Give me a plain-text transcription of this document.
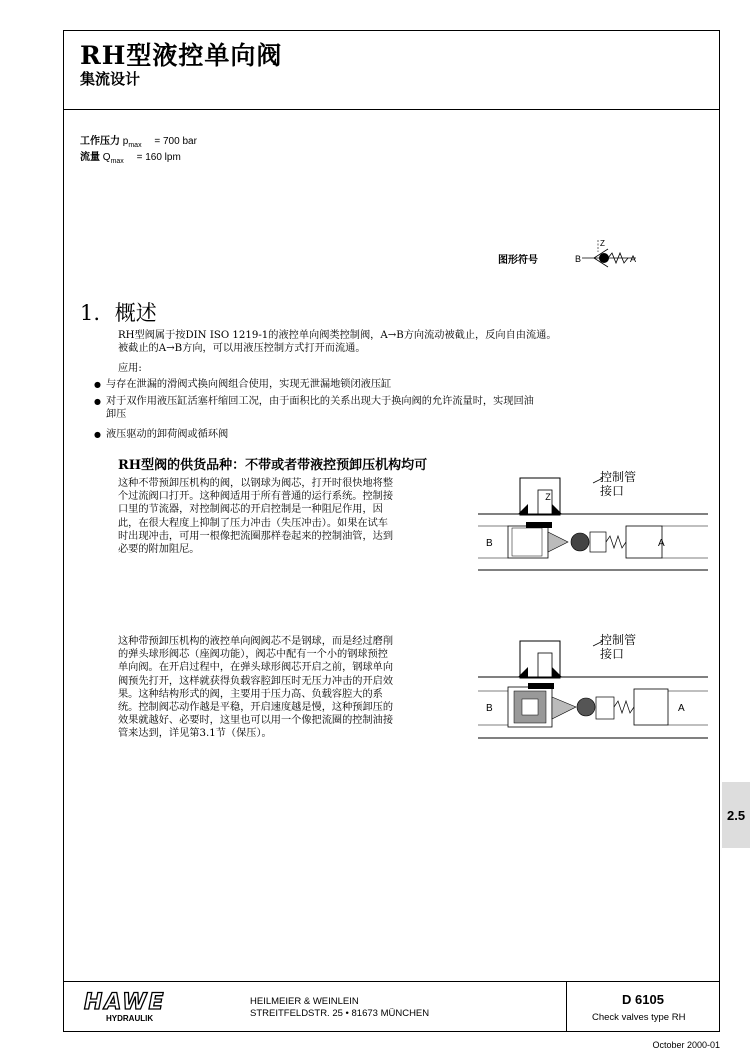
RH型液控单向阀
集流设计
工作压力 $p_{max} = 700$ bar
流量 $Q_{max} = 160$ lpm
图形符号	B	A
Z
1. 概述
RH型阀属于按DIN ISO 1219-1的液控单向阀类控制阀，A→B方向流动被截止，反向自由流通。
被截止的A→B方向，可以用液压控制方式打开而流通。
应用:
● 与存在泄漏的滑阀式换向阀组合使用，实现无泄漏地锁闭液压缸
● 对于双作用液压缸活塞杆缩回工况，由于面积比的关系出现大于换向阀的允许流量时，实现回油
卸压
● 液压驱动的卸荷阀或循环阀
RH型阀的供货品种：不带或者带液控预卸压机构均可
这种不带预卸压机构的阀，以钢球为阀芯，打开时很快地将整
个过流阀口打开。这种阀适用于所有普通的运行系统。控制接
口里的节流器，对控制阀芯的开启控制是一种阻尼作用，因
此，在很大程度上抑制了压力冲击（失压冲击）。如果在试车
时出现冲击，可用一根像把流圈那样卷起来的控制油管，达到
必要的附加阻尼。
这种带预卸压机构的液控单向阀阀芯不是钢球，而是经过磨削
的弹头球形阀芯（座阀功能），阀芯中配有一个小的钢球预控
单向阀。在开启过程中，在弹头球形阀芯开启之前，钢球单向
阀预先打开，这样就获得负载容腔卸压时无压力冲击的开启效
果。这种结构形式的阀，主要用于压力高、负载容腔大的系
统。控制阀芯动作越是平稳，开启速度越是慢，这种预卸压的
效果就越好、必要时，这里也可以用一个像把流圈的控制油接
管来达到，详见第3.1节（保压）。
控制管
接口
Z
B	A
控制管
接口
B	A
2.5
HAWE
HYDRAULIK
HEILMEIER & WEINLEIN
STREITFELDSTR. 25 • 81673 MÜNCHEN
D 6105
Check valves type RH
October 2000-01
